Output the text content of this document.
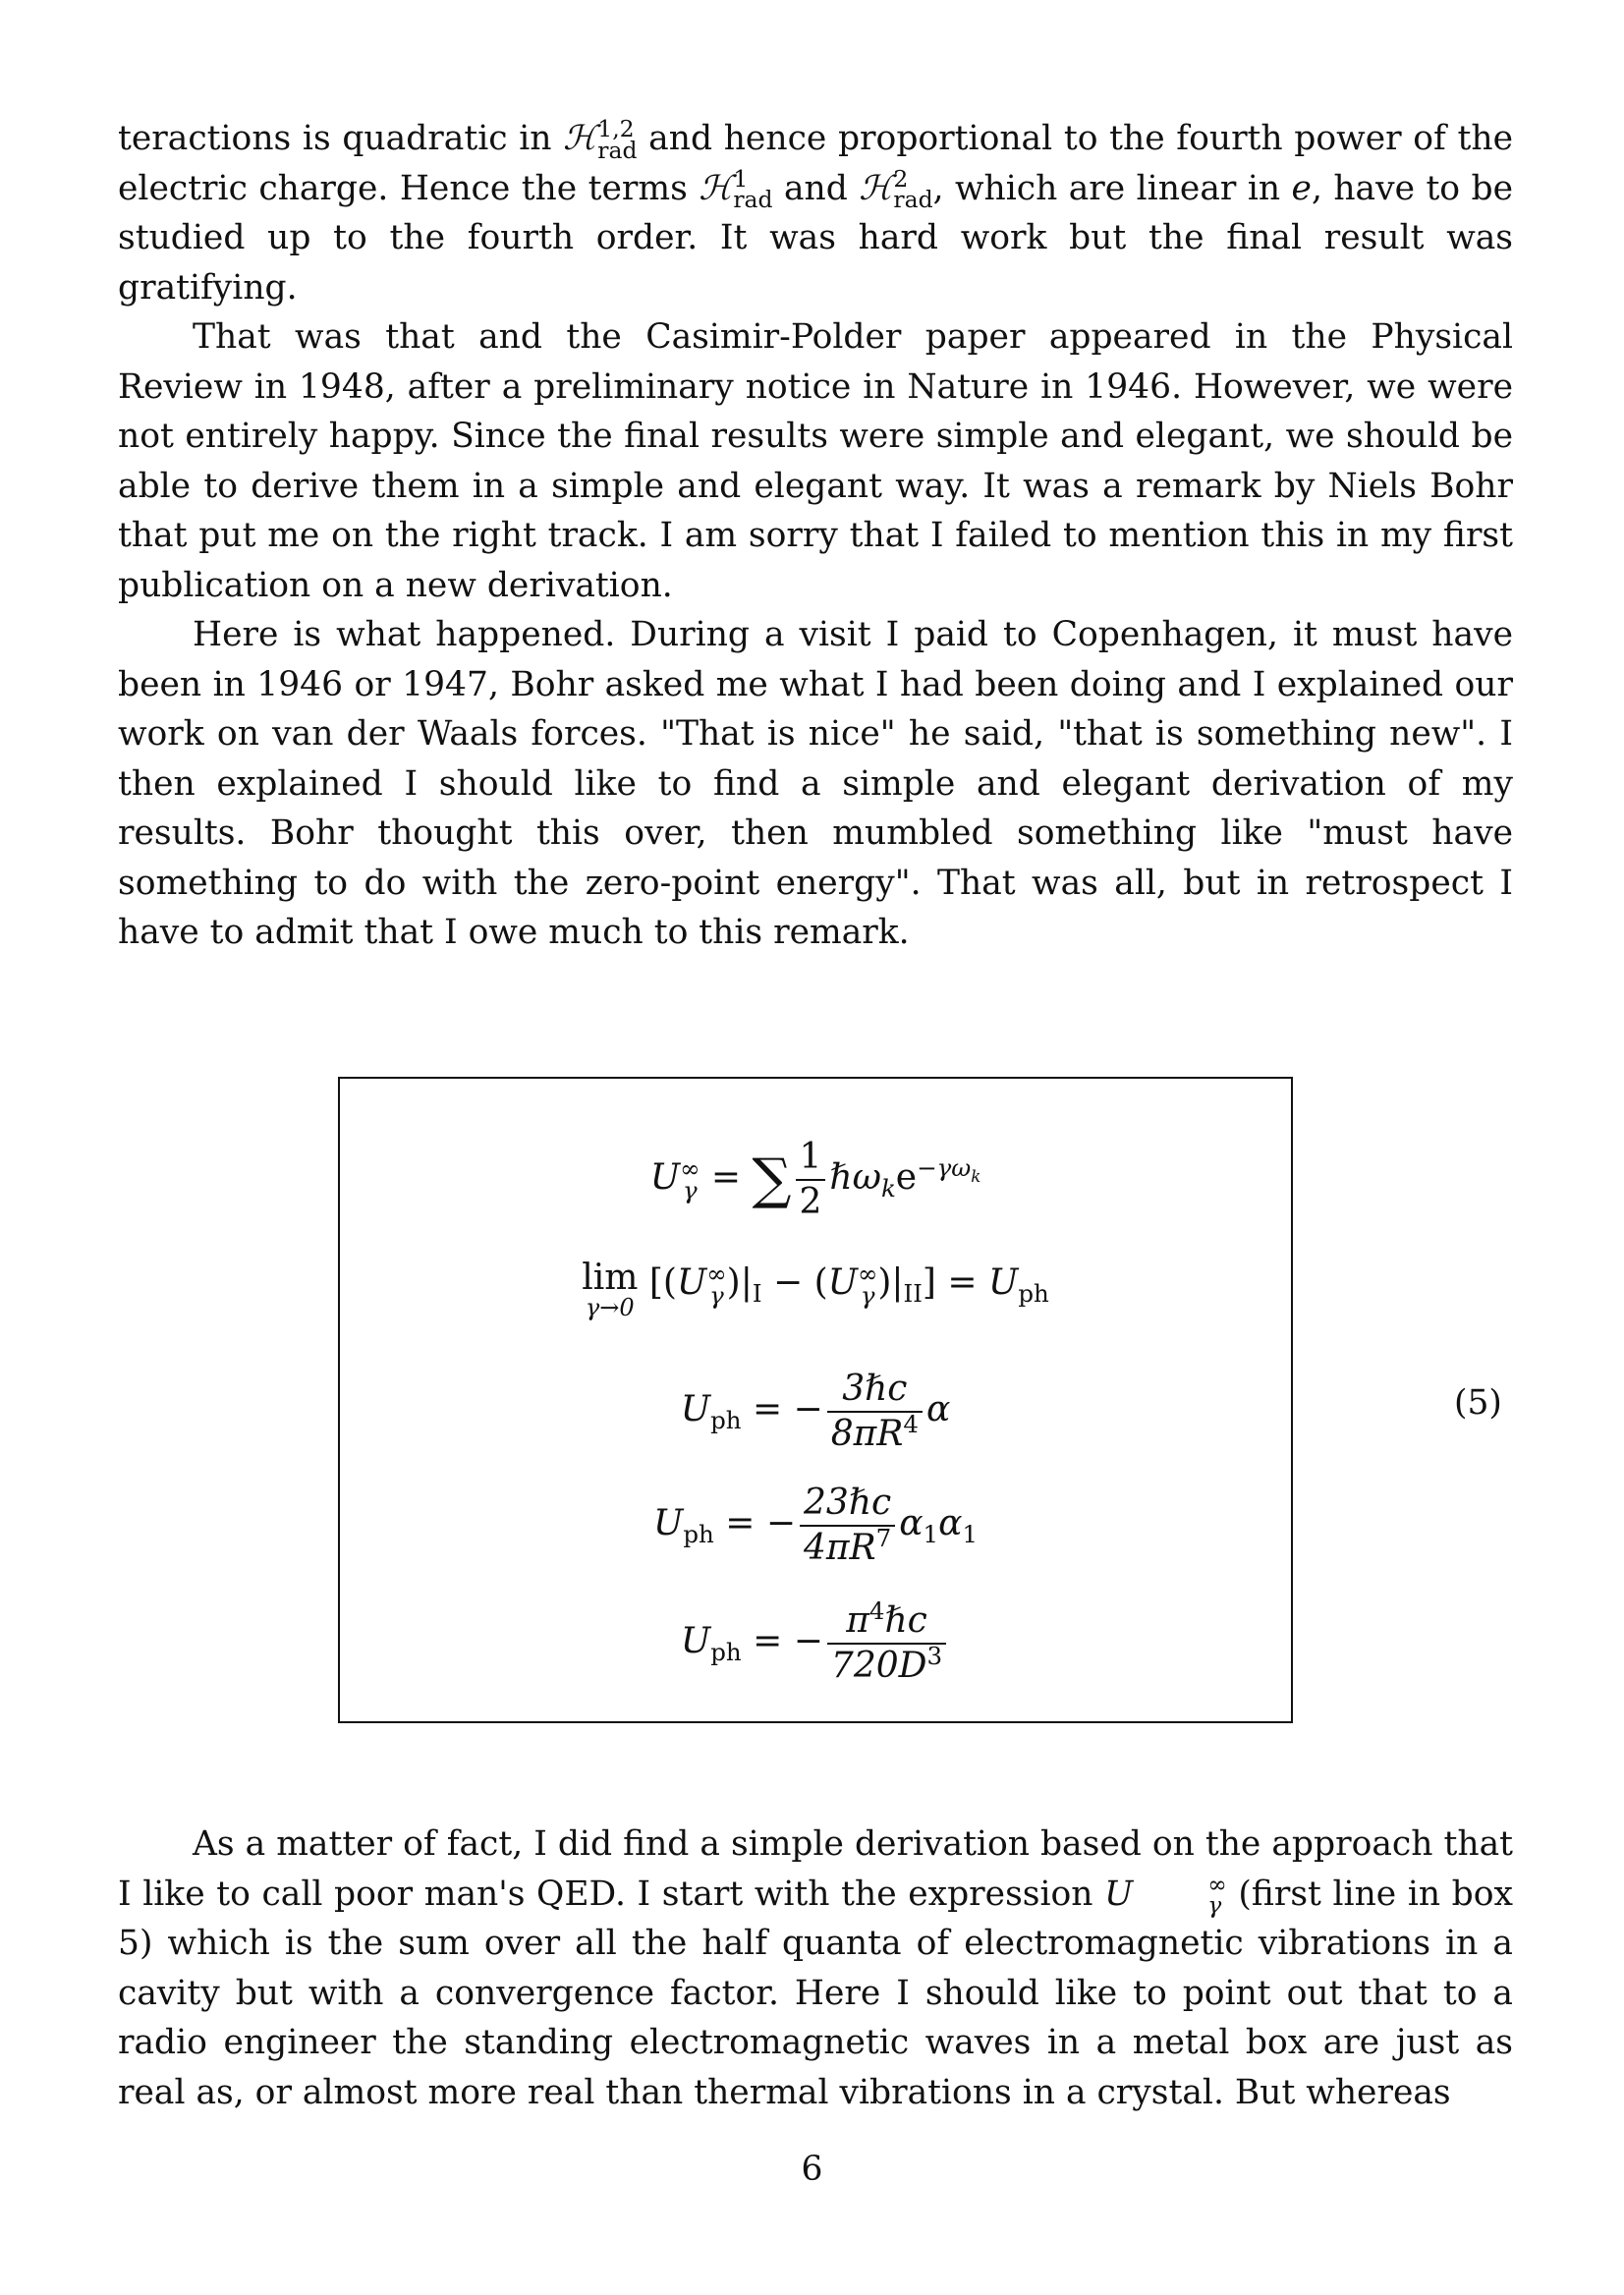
teractions is quadratic in ℋ 1,2
rad and hence proportional to the fourth power of the electric charge. Hence the terms ℋ 1
rad and ℋ 2
rad , which are linear in e, have to be studied up to the fourth order. It was hard work but the final result was gratifying.

That was that and the Casimir-Polder paper appeared in the Physical Review in 1948, after a preliminary notice in Nature in 1946. However, we were not entirely happy. Since the final results were simple and elegant, we should be able to derive them in a simple and elegant way. It was a remark by Niels Bohr that put me on the right track. I am sorry that I failed to mention this in my first publication on a new derivation.

Here is what happened. During a visit I paid to Copenhagen, it must have been in 1946 or 1947, Bohr asked me what I had been doing and I explained our work on van der Waals forces. "That is nice" he said, "that is something new". I then explained I should like to find a simple and elegant derivation of my results. Bohr thought this over, then mumbled something like "must have something to do with the zero-point energy". That was all, but in retrospect I have to admit that I owe much to this remark.

U ∞
γ = ∑ $\frac{1}{2}$ $\hbar\omega_ke^{-\gamma\omega_k}$
lim
γ→0
[(U ∞
γ )$|_I - (U$ ∞
γ )$|_{II}] = U_{ph}$
$U_{ph}$ = − $\frac{\text{3ℏc}}{8\pi R^4}$ α
$U_{ph}$ = − $\frac{\text{23ℏc}}{4\pi R^7} \alpha_1\alpha_1$
$U_{ph}$ = − $\frac{\pi^4\hbar c}{720D^3}$
(5)

As a matter of fact, I did find a simple derivation based on the approach that I like to call poor man's QED. I start with the expression U	∞
γ (first line in box 5) which is the sum over all the half quanta of electromagnetic vibrations in a cavity but with a convergence factor. Here I should like to point out that to a radio engineer the standing electromagnetic waves in a metal box are just as real as, or almost more real than thermal vibrations in a crystal. But whereas

6
